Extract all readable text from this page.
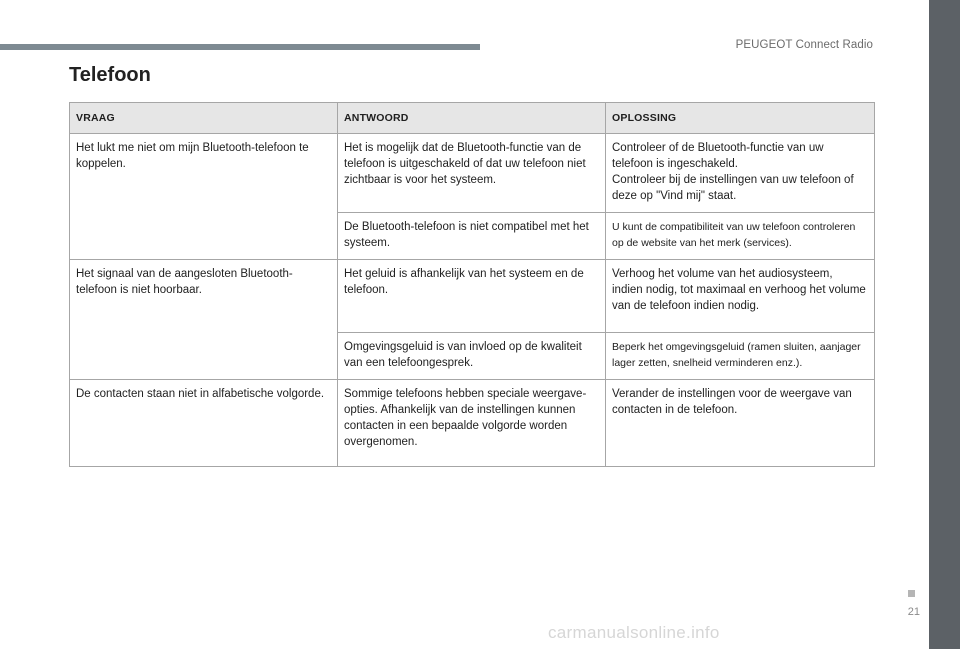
PEUGEOT Connect Radio
Telefoon
VRAAG	ANTWOORD	OPLOSSING
Het lukt me niet om mijn Bluetooth-telefoon te koppelen.	Het is mogelijk dat de Bluetooth-functie van de telefoon is uitgeschakeld of dat uw telefoon niet zichtbaar is voor het systeem.	Controleer of de Bluetooth-functie van uw telefoon is ingeschakeld.
Controleer bij de instellingen van uw telefoon of deze op "Vind mij" staat.
	De Bluetooth-telefoon is niet compatibel met het systeem.	U kunt de compatibiliteit van uw telefoon controleren op de website van het merk (services).
Het signaal van de aangesloten Bluetooth-telefoon is niet hoorbaar.	Het geluid is afhankelijk van het systeem en de telefoon.	Verhoog het volume van het audiosysteem, indien nodig, tot maximaal en verhoog het volume van de telefoon indien nodig.
	Omgevingsgeluid is van invloed op de kwaliteit van een telefoongesprek.	Beperk het omgevingsgeluid (ramen sluiten, aanjager lager zetten, snelheid verminderen enz.).
De contacten staan niet in alfabetische volgorde.	Sommige telefoons hebben speciale weergave-opties. Afhankelijk van de instellingen kunnen contacten in een bepaalde volgorde worden overgenomen.	Verander de instellingen voor de weergave van contacten in de telefoon.
21
carmanualsonline.info
